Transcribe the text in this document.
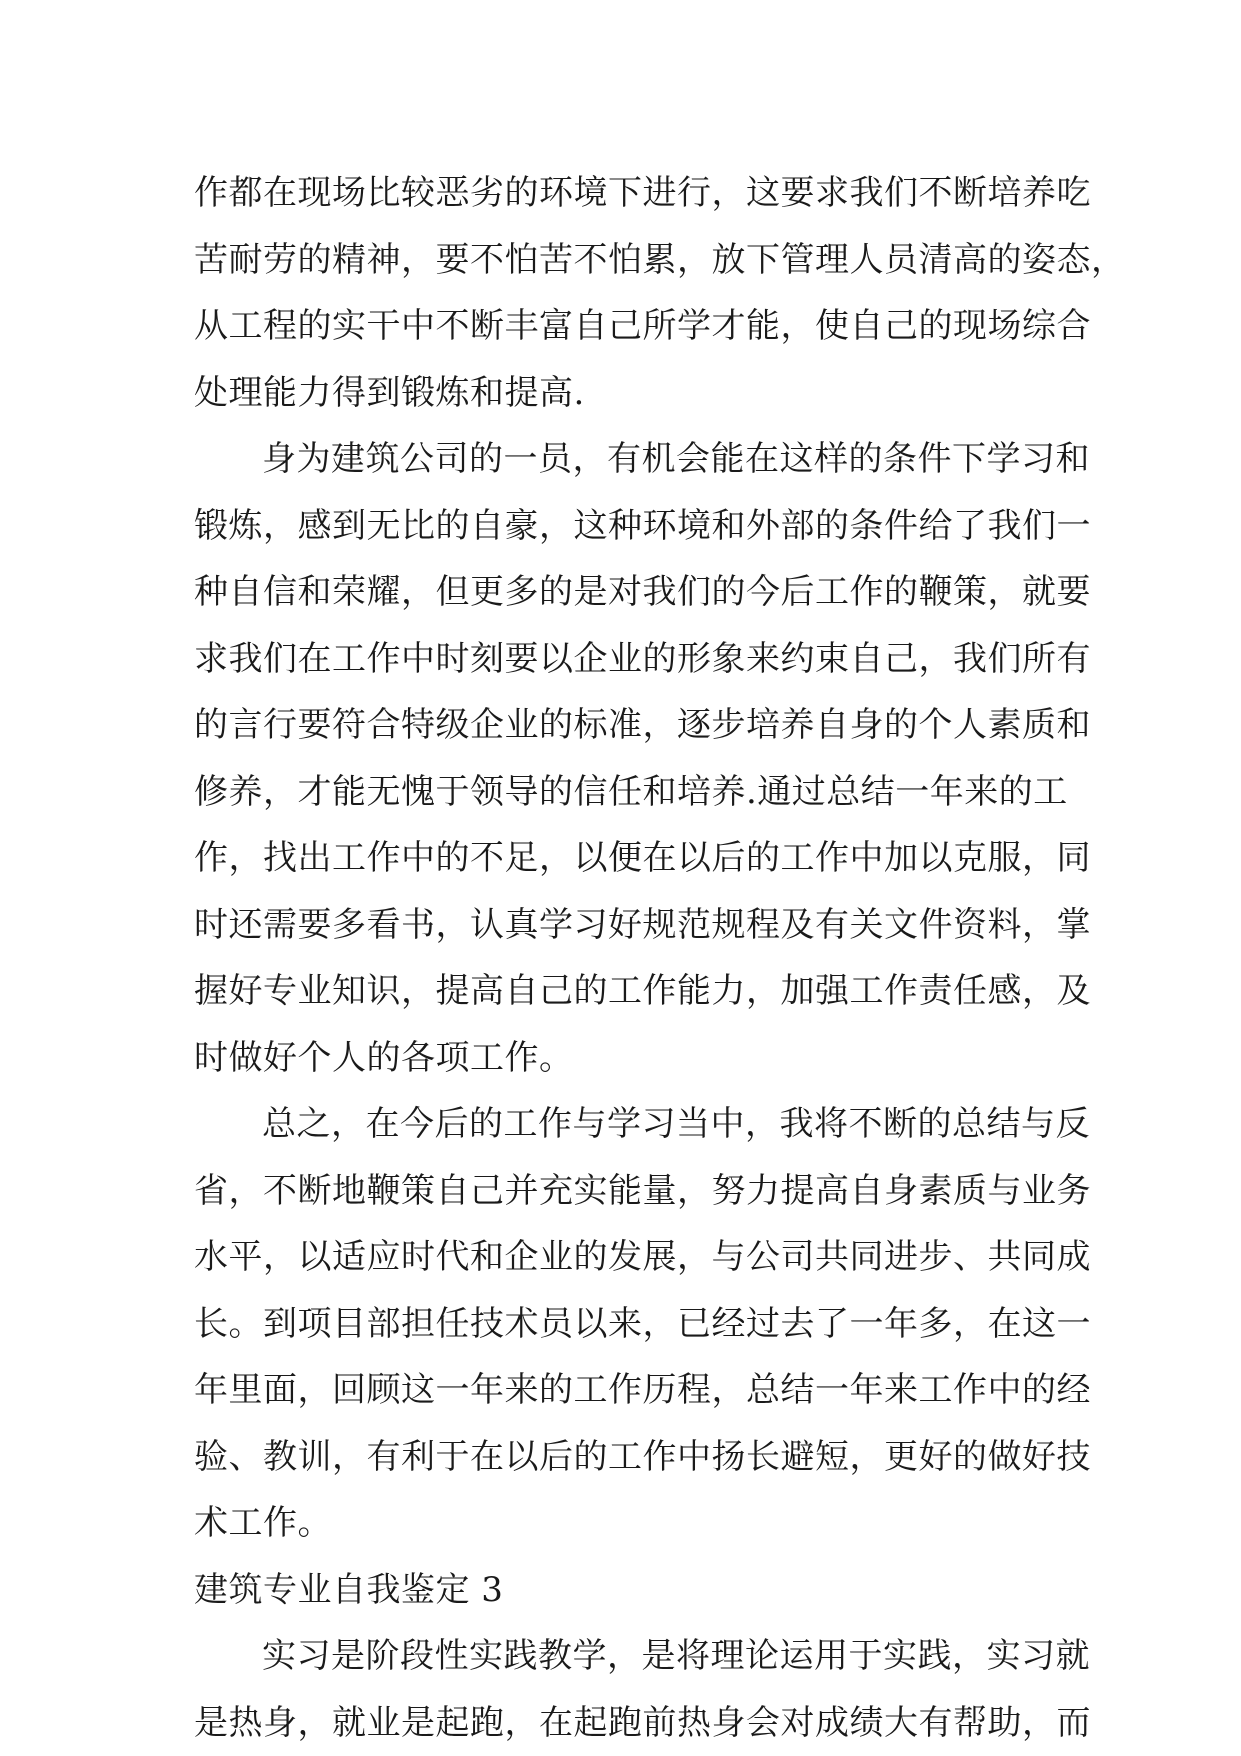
作都在现场比较恶劣的环境下进行，这要求我们不断培养吃
苦耐劳的精神，要不怕苦不怕累，放下管理人员清高的姿态，
从工程的实干中不断丰富自己所学才能，使自己的现场综合
处理能力得到锻炼和提高.
身为建筑公司的一员，有机会能在这样的条件下学习和
锻炼，感到无比的自豪，这种环境和外部的条件给了我们一
种自信和荣耀，但更多的是对我们的今后工作的鞭策，就要
求我们在工作中时刻要以企业的形象来约束自己，我们所有
的言行要符合特级企业的标准，逐步培养自身的个人素质和
修养，才能无愧于领导的信任和培养.通过总结一年来的工
作，找出工作中的不足，以便在以后的工作中加以克服，同
时还需要多看书，认真学习好规范规程及有关文件资料，掌
握好专业知识，提高自己的工作能力，加强工作责任感，及
时做好个人的各项工作。
总之，在今后的工作与学习当中，我将不断的总结与反
省，不断地鞭策自己并充实能量，努力提高自身素质与业务
水平，以适应时代和企业的发展，与公司共同进步、共同成
长。到项目部担任技术员以来，已经过去了一年多，在这一
年里面，回顾这一年来的工作历程，总结一年来工作中的经
验、教训，有利于在以后的工作中扬长避短，更好的做好技
术工作。
建筑专业自我鉴定 3
实习是阶段性实践教学，是将理论运用于实践，实习就
是热身，就业是起跑，在起跑前热身会对成绩大有帮助，而
